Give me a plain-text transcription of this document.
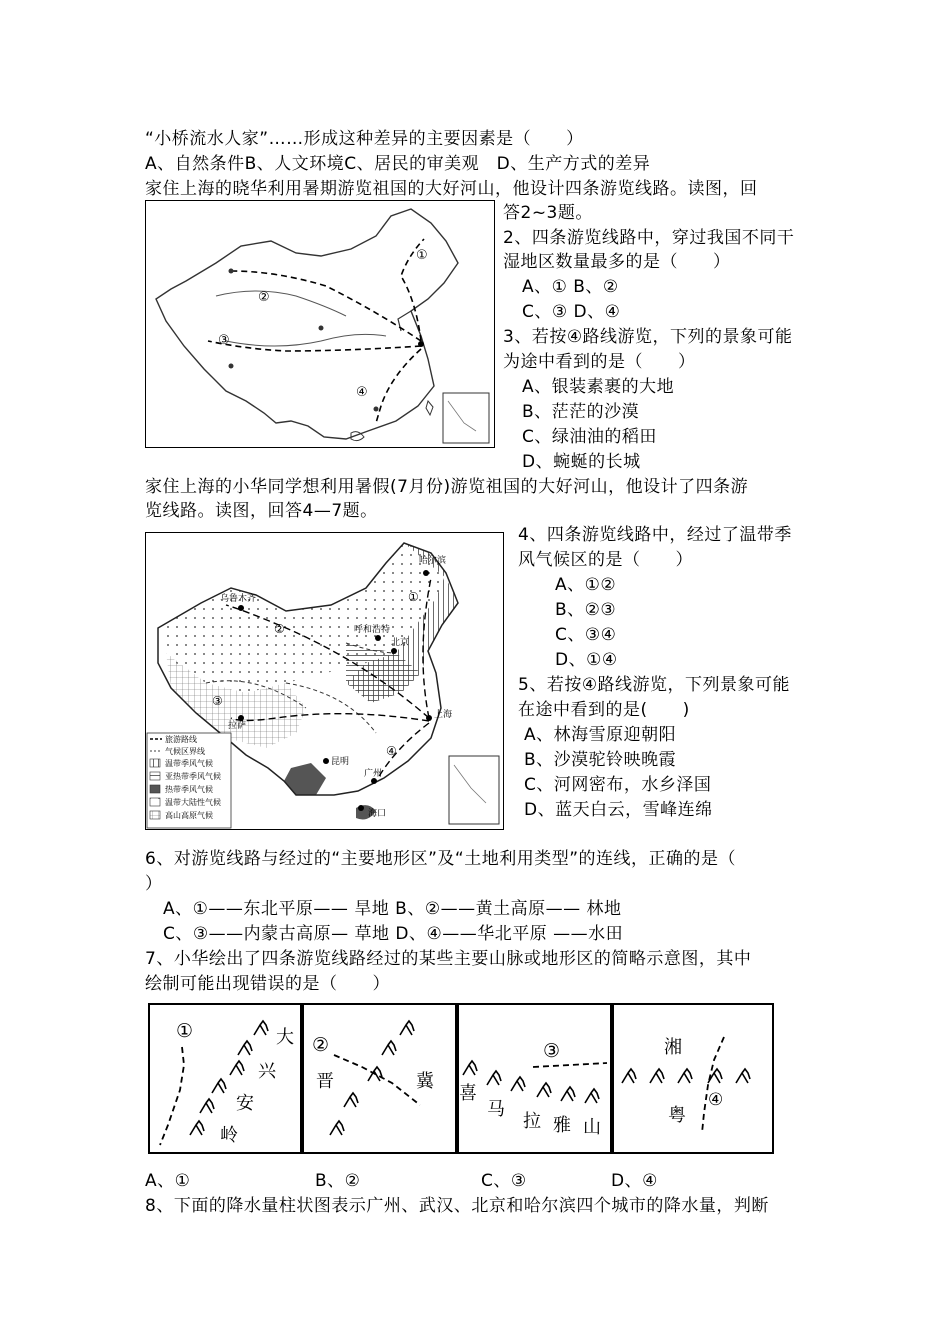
“小桥流水人家”……形成这种差异的主要因素是（　　）
A、自然条件B、人文环境C、居民的审美观　D、生产方式的差异
家住上海的晓华利用暑期游览祖国的大好河山，他设计四条游览线路。读图，回
答2~3题。
①
②
③
④
2、四条游览线路中，穿过我国不同干
湿地区数量最多的是（　　）
A、① B、②
C、③ D、④
3、若按④路线游览，下列的景象可能
为途中看到的是（　　）
A、银装素裹的大地
B、茫茫的沙漠
C、绿油油的稻田
D、蜿蜒的长城
家住上海的小华同学想利用暑假(7月份)游览祖国的大好河山，他设计了四条游
览线路。读图，回答4—7题。
哈尔滨
乌鲁木齐
呼和浩特
北京
上海
拉萨
昆明
广州
海口
①
②
③
④
旅游路线
气候区界线
温带季风气候
亚热带季风气候
热带季风气候
温带大陆性气候
高山高原气候
4、四条游览线路中，经过了温带季
风气候区的是（　　）
A、①②
B、②③
C、③④
D、①④
5、若按④路线游览，下列景象可能
在途中看到的是(　　)
A、林海雪原迎朝阳
B、沙漠驼铃映晚霞
C、河网密布，水乡泽国
D、蓝天白云，雪峰连绵
6、对游览线路与经过的“主要地形区”及“土地利用类型”的连线，正确的是（
）
A、①——东北平原—— 旱地 B、②——黄土高原—— 林地
C、③——内蒙古高原— 草地 D、④——华北平原 ——水田
7、小华绘出了四条游览线路经过的某些主要山脉或地形区的简略示意图，其中
绘制可能出现错误的是（　　）
①	大
兴
安
岭
②
晋	冀
③
喜
马
拉 雅 山
湘
粤
④
A、①	B、②	C、③	D、④
8、下面的降水量柱状图表示广州、武汉、北京和哈尔滨四个城市的降水量，判断
